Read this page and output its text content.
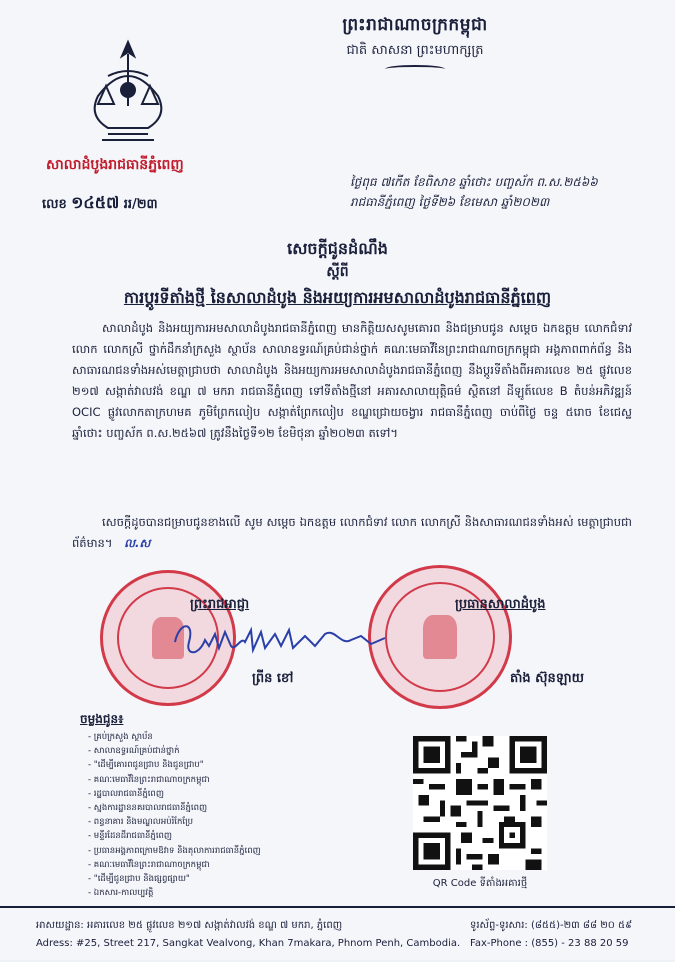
ព្រះរាជាណាចក្រកម្ពុជា
ជាតិ សាសនា ព្រះមហាក្សត្រ
សាលាដំបូងរាជធានីភ្នំពេញ
លេខ ១៤៥៧ ររ/២៣
ថ្ងៃពុធ ៧កើត ខែពិសាខ ឆ្នាំថោះ បញ្ចស័ក ព.ស.២៥៦៦
រាជធានីភ្នំពេញ ថ្ងៃទី២៦ ខែមេសា ឆ្នាំ២០២៣
សេចក្ដីជូនដំណឹង
ស្ដីពី
ការប្ដូរទីតាំងថ្មី នៃសាលាដំបូង និងអយ្យការអមសាលាដំបូងរាជធានីភ្នំពេញ
សាលាដំបូង និងអយ្យការអមសាលាដំបូងរាជធានីភ្នំពេញ មានកិត្តិយសសូមគោរព និងជម្រាបជូន សម្ដេច ឯកឧត្ដម លោកជំទាវ លោក លោកស្រី ថ្នាក់ដឹកនាំក្រសួង ស្ថាប័ន សាលាឧទ្ធរណ៍គ្រប់ជាន់ថ្នាក់ គណៈមេធាវីនៃព្រះរាជាណាចក្រកម្ពុជា អង្គភាពពាក់ព័ន្ធ និងសាធារណជនទាំងអស់មេត្តាជ្រាបថា សាលាដំបូង និងអយ្យការអមសាលាដំបូងរាជធានីភ្នំពេញ នឹងប្ដូរទីតាំងពីអគារលេខ ២៥ ផ្លូវលេខ ២១៧ សង្កាត់វាលវង់ ខណ្ឌ ៧ មករា រាជធានីភ្នំពេញ ទៅទីតាំងថ្មីនៅ អគារសាលាយុត្តិធម៌ ស្ថិតនៅ ដីឡូត៍លេខ B តំបន់អភិវឌ្ឍន៍ OCIC ផ្លូវលោកតាក្រហមគ ភូមិព្រែកលៀប សង្កាត់ព្រែកលៀប ខណ្ឌជ្រោយចង្វារ រាជធានីភ្នំពេញ ចាប់ពីថ្ងៃ ចន្ទ ៥រោច ខែជេស្ឋ ឆ្នាំថោះ បញ្ចស័ក ព.ស.២៥៦៧ ត្រូវនឹងថ្ងៃទី១២ ខែមិថុនា ឆ្នាំ២០២៣ តទៅ។
សេចក្ដីដូចបានជម្រាបជូនខាងលើ សូម សម្ដេច ឯកឧត្ដម លោកជំទាវ លោក លោកស្រី និងសាធារណជនទាំងអស់ មេត្តាជ្រាបជាព័ត៌មាន។ ល.ស
ព្រះរាជអាជ្ញា	ប្រធានសាលាដំបូង
ព្រីន ខៅ	តាំង ស៊ុនឡាយ
ចម្លងជូន៖
- គ្រប់ក្រសួង ស្ថាប័ន
- សាលាឧទ្ធរណ៍គ្រប់ជាន់ថ្នាក់
- "ដើម្បីគោរពជូនជ្រាប និងជូនជ្រាប"
- គណៈមេធាវីនៃព្រះរាជាណាចក្រកម្ពុជា
- រដ្ឋបាលរាជធានីភ្នំពេញ
- ស្នងការដ្ឋាននគរបាលរាជធានីភ្នំពេញ
- ពន្ធនាគារ និងមណ្ឌលអប់រំកែប្រែ
- មន្ទីរដែនដីរាជធានីភ្នំពេញ
- ប្រធានអង្គភាពក្រោមឱវាទ និងតុលាការរាជធានីភ្នំពេញ
- គណៈមេធាវីនៃព្រះរាជាណាចក្រកម្ពុជា
- "ដើម្បីជូនជ្រាប និងផ្សព្វផ្សាយ"
- ឯកសារ-កាលប្បវត្តិ
QR Code ទីតាំងអគារថ្មី
អាសយដ្ឋាន: អគារលេខ ២៥ ផ្លូវលេខ ២១៧ សង្កាត់វាលវង់ ខណ្ឌ ៧ មករា, ភ្នំពេញ	ទូរស័ព្ទ-ទូរសារ: (៨៥៥)-២៣ ៨៨ ២០ ៥៩
Adress: #25, Street 217, Sangkat Vealvong, Khan 7makara, Phnom Penh, Cambodia. Fax-Phone : (855) - 23 88 20 59
